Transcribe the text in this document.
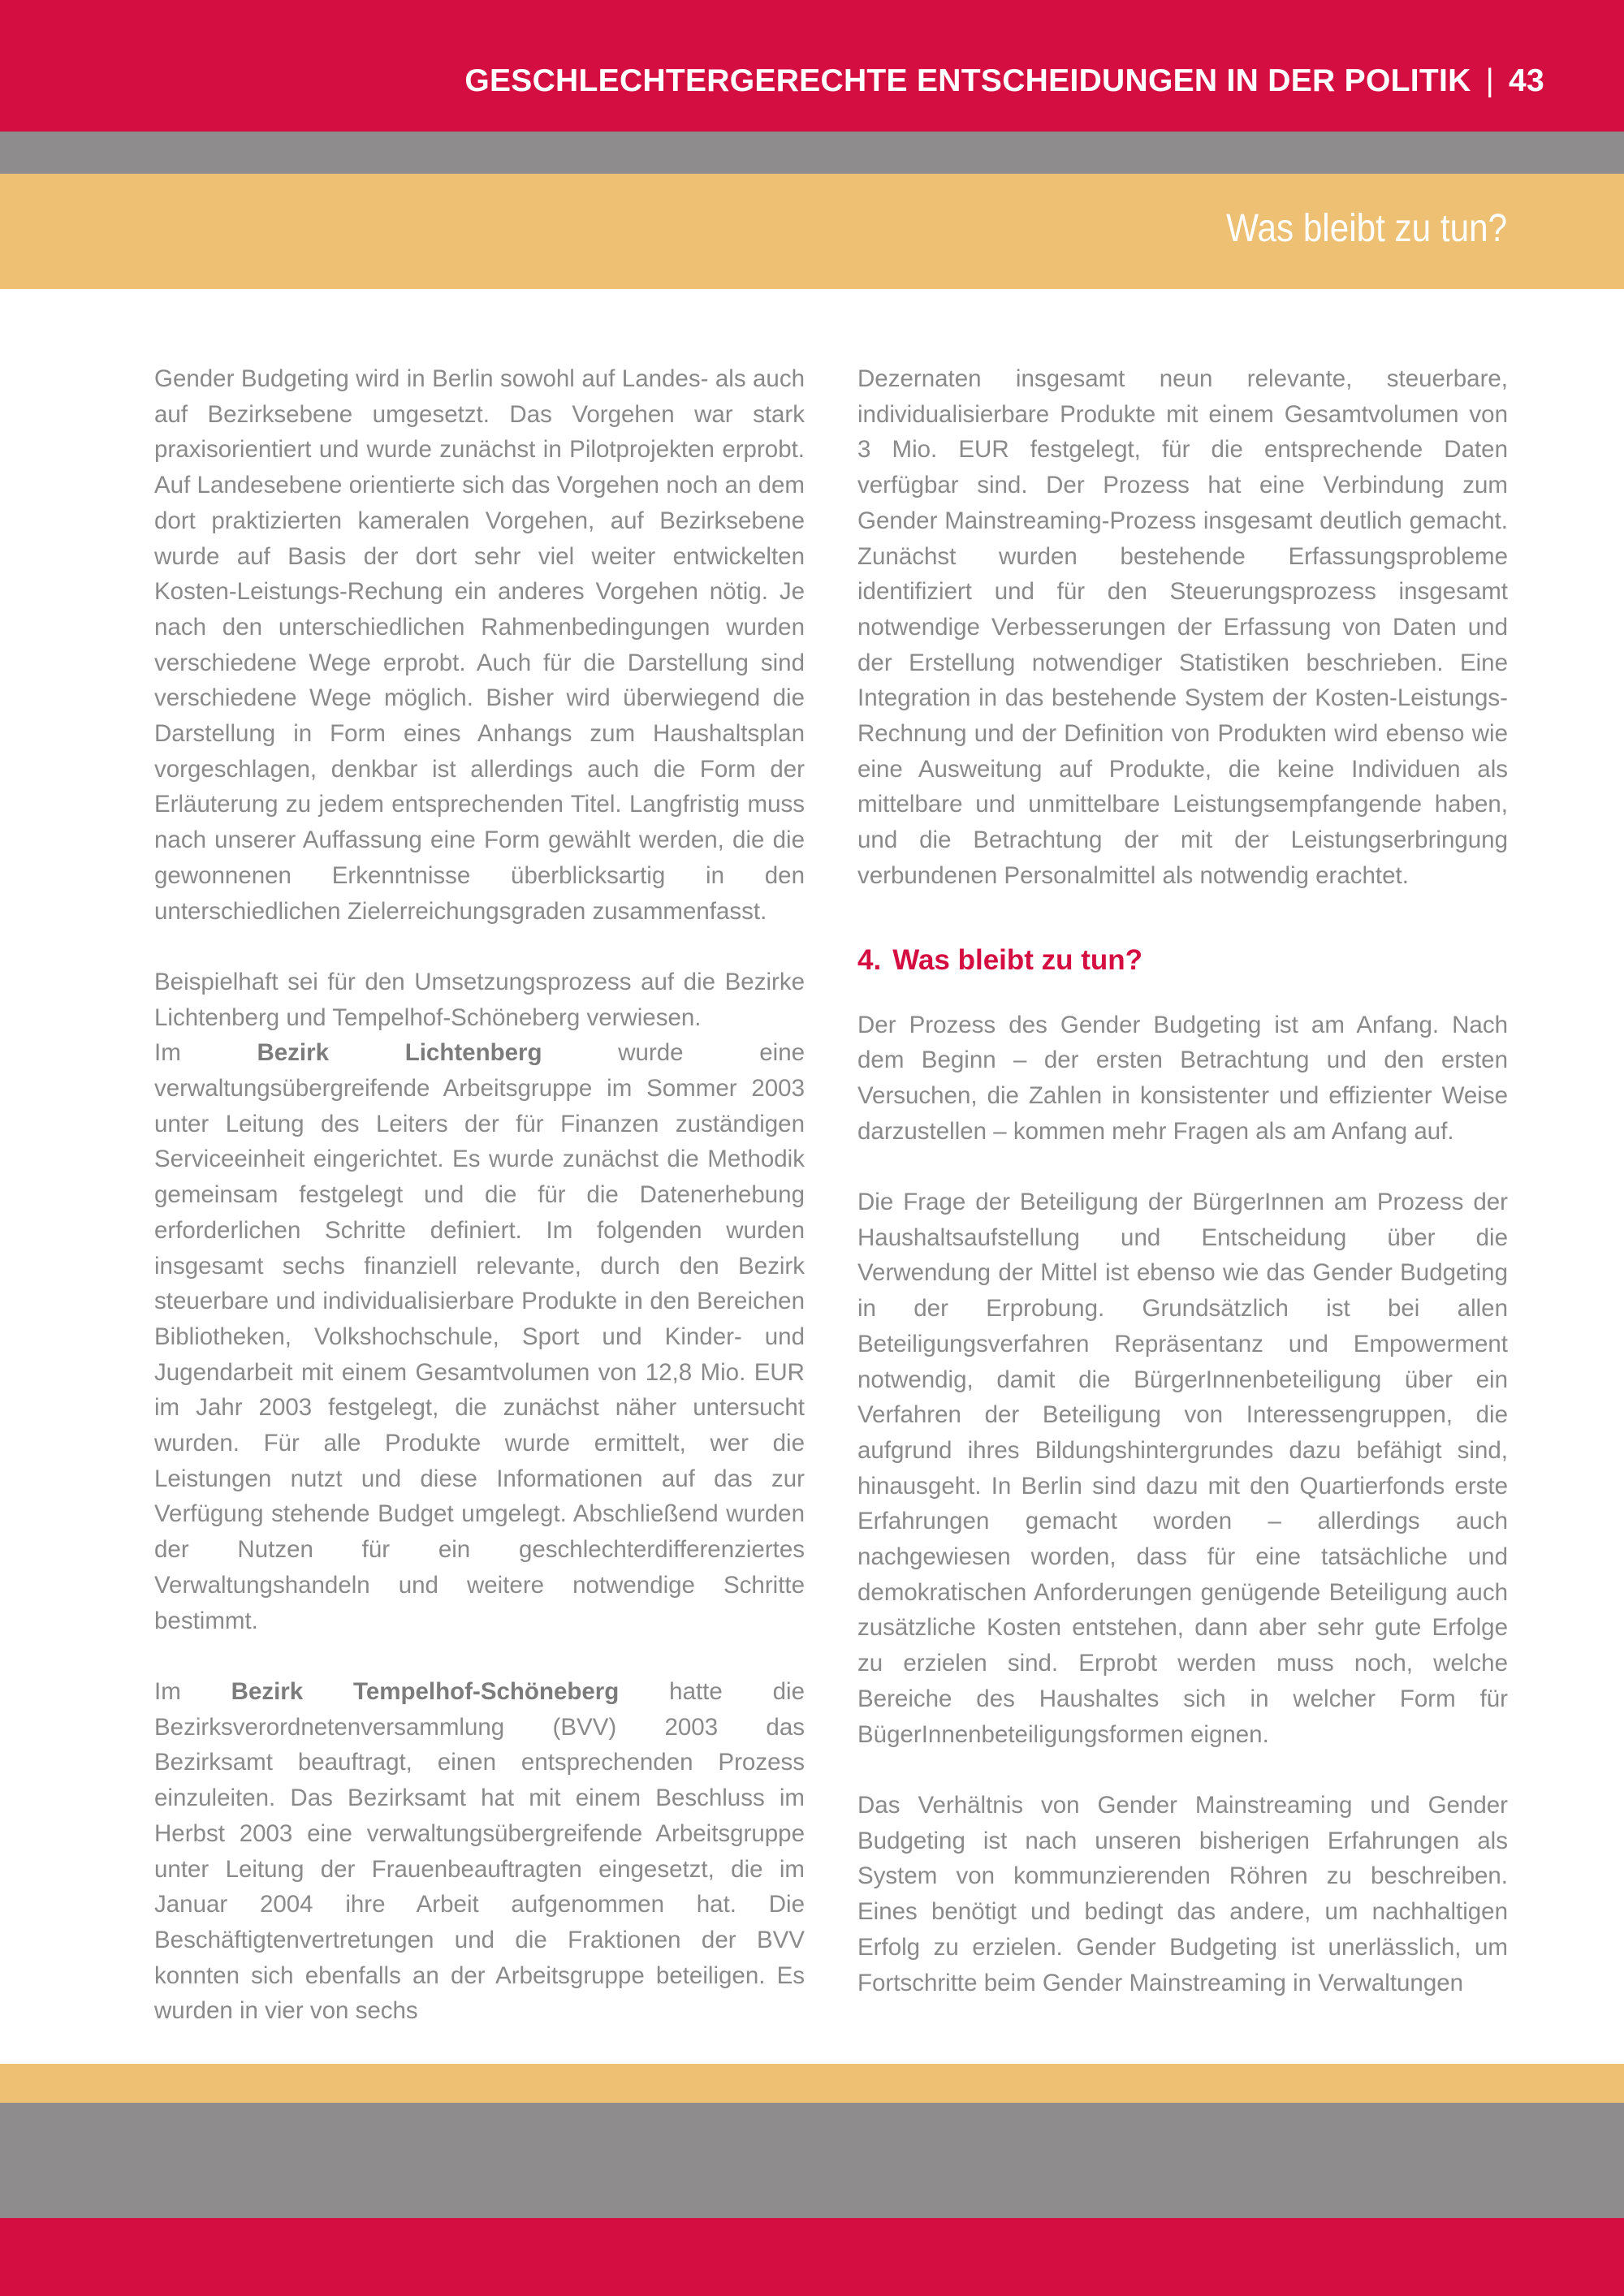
GESCHLECHTERGERECHTE ENTSCHEIDUNGEN IN DER POLITIK | 43
Was bleibt zu tun?

Gender Budgeting wird in Berlin sowohl auf Landes- als auch auf Bezirksebene umgesetzt. Das Vorgehen war stark praxisorientiert und wurde zunächst in Pilotprojekten erprobt. Auf Landesebene orientierte sich das Vorgehen noch an dem dort praktizierten kameralen Vorgehen, auf Bezirksebene wurde auf Basis der dort sehr viel weiter entwickelten Kosten-Leistungs-Rechung ein anderes Vorgehen nötig. Je nach den unterschiedlichen Rahmenbedingungen wurden verschiedene Wege erprobt. Auch für die Darstellung sind verschiedene Wege möglich. Bisher wird überwiegend die Darstellung in Form eines Anhangs zum Haushaltsplan vorgeschlagen, denkbar ist allerdings auch die Form der Erläuterung zu jedem entsprechenden Titel. Langfristig muss nach unserer Auffassung eine Form gewählt werden, die die gewonnenen Erkenntnisse überblicksartig in den unterschiedlichen Zielerreichungsgraden zusammenfasst.

Beispielhaft sei für den Umsetzungsprozess auf die Bezirke Lichtenberg und Tempelhof-Schöneberg verwiesen.

Im Bezirk Lichtenberg wurde eine verwaltungsübergreifende Arbeitsgruppe im Sommer 2003 unter Leitung des Leiters der für Finanzen zuständigen Serviceeinheit eingerichtet. Es wurde zunächst die Methodik gemeinsam festgelegt und die für die Datenerhebung erforderlichen Schritte definiert. Im folgenden wurden insgesamt sechs finanziell relevante, durch den Bezirk steuerbare und individualisierbare Produkte in den Bereichen Bibliotheken, Volkshochschule, Sport und Kinder- und Jugendarbeit mit einem Gesamtvolumen von 12,8 Mio. EUR im Jahr 2003 festgelegt, die zunächst näher untersucht wurden. Für alle Produkte wurde ermittelt, wer die Leistungen nutzt und diese Informationen auf das zur Verfügung stehende Budget umgelegt. Abschließend wurden der Nutzen für ein geschlechterdifferenziertes Verwaltungshandeln und weitere notwendige Schritte bestimmt.

Im Bezirk Tempelhof-Schöneberg hatte die Bezirksverordnetenversammlung (BVV) 2003 das Bezirksamt beauftragt, einen entsprechenden Prozess einzuleiten. Das Bezirksamt hat mit einem Beschluss im Herbst 2003 eine verwaltungsübergreifende Arbeitsgruppe unter Leitung der Frauenbeauftragten eingesetzt, die im Januar 2004 ihre Arbeit aufgenommen hat. Die Beschäftigtenvertretungen und die Fraktionen der BVV konnten sich ebenfalls an der Arbeitsgruppe beteiligen. Es wurden in vier von sechs

Dezernaten insgesamt neun relevante, steuerbare, individualisierbare Produkte mit einem Gesamtvolumen von 3 Mio. EUR festgelegt, für die entsprechende Daten verfügbar sind. Der Prozess hat eine Verbindung zum Gender Mainstreaming-Prozess insgesamt deutlich gemacht. Zunächst wurden bestehende Erfassungsprobleme identifiziert und für den Steuerungsprozess insgesamt notwendige Verbesserungen der Erfassung von Daten und der Erstellung notwendiger Statistiken beschrieben. Eine Integration in das bestehende System der Kosten-Leistungs-Rechnung und der Definition von Produkten wird ebenso wie eine Ausweitung auf Produkte, die keine Individuen als mittelbare und unmittelbare Leistungsempfangende haben, und die Betrachtung der mit der Leistungserbringung verbundenen Personalmittel als notwendig erachtet.

4. Was bleibt zu tun?

Der Prozess des Gender Budgeting ist am Anfang. Nach dem Beginn – der ersten Betrachtung und den ersten Versuchen, die Zahlen in konsistenter und effizienter Weise darzustellen – kommen mehr Fragen als am Anfang auf.

Die Frage der Beteiligung der BürgerInnen am Prozess der Haushaltsaufstellung und Entscheidung über die Verwendung der Mittel ist ebenso wie das Gender Budgeting in der Erprobung. Grundsätzlich ist bei allen Beteiligungsverfahren Repräsentanz und Empowerment notwendig, damit die BürgerInnenbeteiligung über ein Verfahren der Beteiligung von Interessengruppen, die aufgrund ihres Bildungshintergrundes dazu befähigt sind, hinausgeht. In Berlin sind dazu mit den Quartierfonds erste Erfahrungen gemacht worden – allerdings auch nachgewiesen worden, dass für eine tatsächliche und demokratischen Anforderungen genügende Beteiligung auch zusätzliche Kosten entstehen, dann aber sehr gute Erfolge zu erzielen sind. Erprobt werden muss noch, welche Bereiche des Haushaltes sich in welcher Form für BügerInnenbeteiligungsformen eignen.

Das Verhältnis von Gender Mainstreaming und Gender Budgeting ist nach unseren bisherigen Erfahrungen als System von kommunzierenden Röhren zu beschreiben. Eines benötigt und bedingt das andere, um nachhaltigen Erfolg zu erzielen. Gender Budgeting ist unerlässlich, um Fortschritte beim Gender Mainstreaming in Verwaltungen
